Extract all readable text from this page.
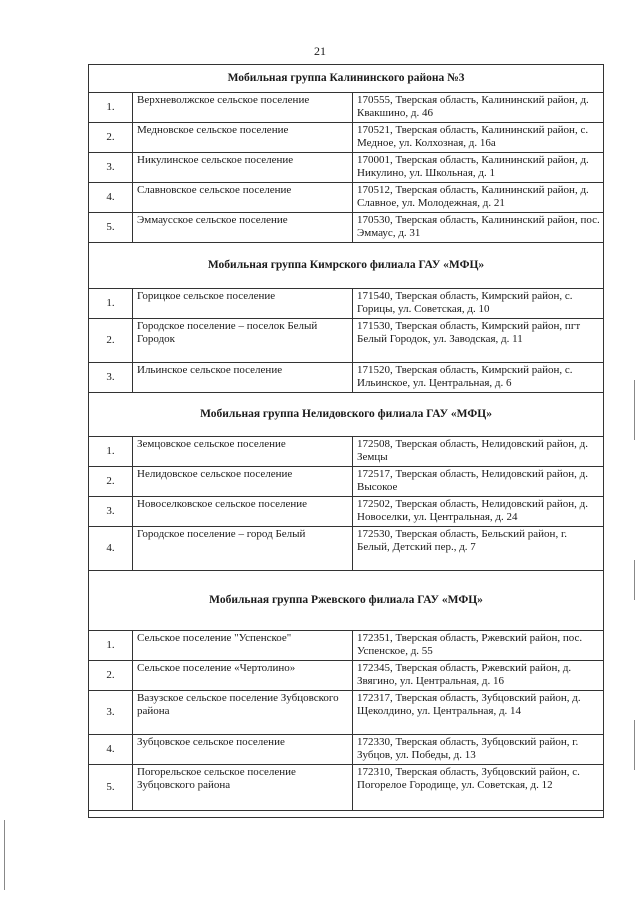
21
Мобильная группа Калининского района №3		
1.	Верхневолжское сельское поселение	170555, Тверская область, Калининский район, д. Квакшино, д. 46
2.	Медновское сельское поселение	170521, Тверская область, Калининский район, с. Медное, ул. Колхозная, д. 16а
3.	Никулинское сельское поселение	170001, Тверская область, Калининский район, д. Никулино, ул. Школьная, д. 1
4.	Славновское сельское поселение	170512, Тверская область, Калининский район, д. Славное, ул. Молодежная, д. 21
5.	Эммаусское сельское поселение	170530, Тверская область, Калининский район, пос. Эммаус, д. 31
Мобильная группа Кимрского филиала ГАУ «МФЦ»		
1.	Горицкое сельское поселение	171540, Тверская область, Кимрский район, с. Горицы, ул. Советская, д. 10
2.	Городское поселение – поселок Белый Городок	171530, Тверская область, Кимрский район, пгт Белый Городок, ул. Заводская, д. 11
3.	Ильинское сельское поселение	171520, Тверская область, Кимрский район, с. Ильинское, ул. Центральная, д. 6
Мобильная группа Нелидовского филиала ГАУ «МФЦ»		
1.	Земцовское сельское поселение	172508, Тверская область, Нелидовский район, д. Земцы
2.	Нелидовское сельское поселение	172517, Тверская область, Нелидовский район, д. Высокое
3.	Новоселковское сельское поселение	172502, Тверская область, Нелидовский район, д. Новоселки, ул. Центральная, д. 24
4.	Городское поселение – город Белый	172530, Тверская область, Бельский район, г. Белый, Детский пер., д. 7
Мобильная группа Ржевского филиала ГАУ «МФЦ»		
1.	Сельское поселение "Успенское"	172351, Тверская область, Ржевский район, пос. Успенское, д. 55
2.	Сельское поселение «Чертолино»	172345, Тверская область, Ржевский район, д. Звягино, ул. Центральная, д. 16
3.	Вазузское сельское поселение Зубцовского района	172317, Тверская область, Зубцовский район, д. Щеколдино, ул. Центральная, д. 14
4.	Зубцовское сельское поселение	172330, Тверская область, Зубцовский район, г. Зубцов, ул. Победы, д. 13
5.	Погорельское сельское поселение Зубцовского района	172310, Тверская область, Зубцовский район, с. Погорелое Городище, ул. Советская, д. 12
